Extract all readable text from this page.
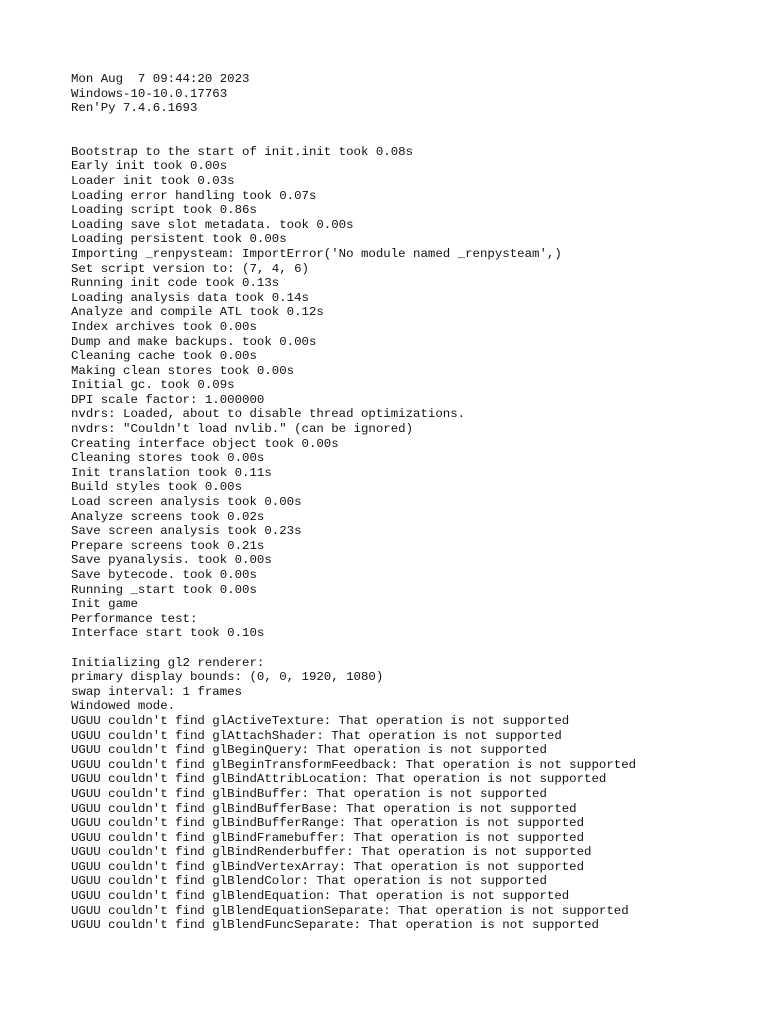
Mon Aug  7 09:44:20 2023
Windows-10-10.0.17763
Ren'Py 7.4.6.1693
Bootstrap to the start of init.init took 0.08s
Early init took 0.00s
Loader init took 0.03s
Loading error handling took 0.07s
Loading script took 0.86s
Loading save slot metadata. took 0.00s
Loading persistent took 0.00s
Importing _renpysteam: ImportError('No module named _renpysteam',)
Set script version to: (7, 4, 6)
Running init code took 0.13s
Loading analysis data took 0.14s
Analyze and compile ATL took 0.12s
Index archives took 0.00s
Dump and make backups. took 0.00s
Cleaning cache took 0.00s
Making clean stores took 0.00s
Initial gc. took 0.09s
DPI scale factor: 1.000000
nvdrs: Loaded, about to disable thread optimizations.
nvdrs: "Couldn't load nvlib." (can be ignored)
Creating interface object took 0.00s
Cleaning stores took 0.00s
Init translation took 0.11s
Build styles took 0.00s
Load screen analysis took 0.00s
Analyze screens took 0.02s
Save screen analysis took 0.23s
Prepare screens took 0.21s
Save pyanalysis. took 0.00s
Save bytecode. took 0.00s
Running _start took 0.00s
Init game
Performance test:
Interface start took 0.10s
Initializing gl2 renderer:
primary display bounds: (0, 0, 1920, 1080)
swap interval: 1 frames
Windowed mode.
UGUU couldn't find glActiveTexture: That operation is not supported
UGUU couldn't find glAttachShader: That operation is not supported
UGUU couldn't find glBeginQuery: That operation is not supported
UGUU couldn't find glBeginTransformFeedback: That operation is not supported
UGUU couldn't find glBindAttribLocation: That operation is not supported
UGUU couldn't find glBindBuffer: That operation is not supported
UGUU couldn't find glBindBufferBase: That operation is not supported
UGUU couldn't find glBindBufferRange: That operation is not supported
UGUU couldn't find glBindFramebuffer: That operation is not supported
UGUU couldn't find glBindRenderbuffer: That operation is not supported
UGUU couldn't find glBindVertexArray: That operation is not supported
UGUU couldn't find glBlendColor: That operation is not supported
UGUU couldn't find glBlendEquation: That operation is not supported
UGUU couldn't find glBlendEquationSeparate: That operation is not supported
UGUU couldn't find glBlendFuncSeparate: That operation is not supported
